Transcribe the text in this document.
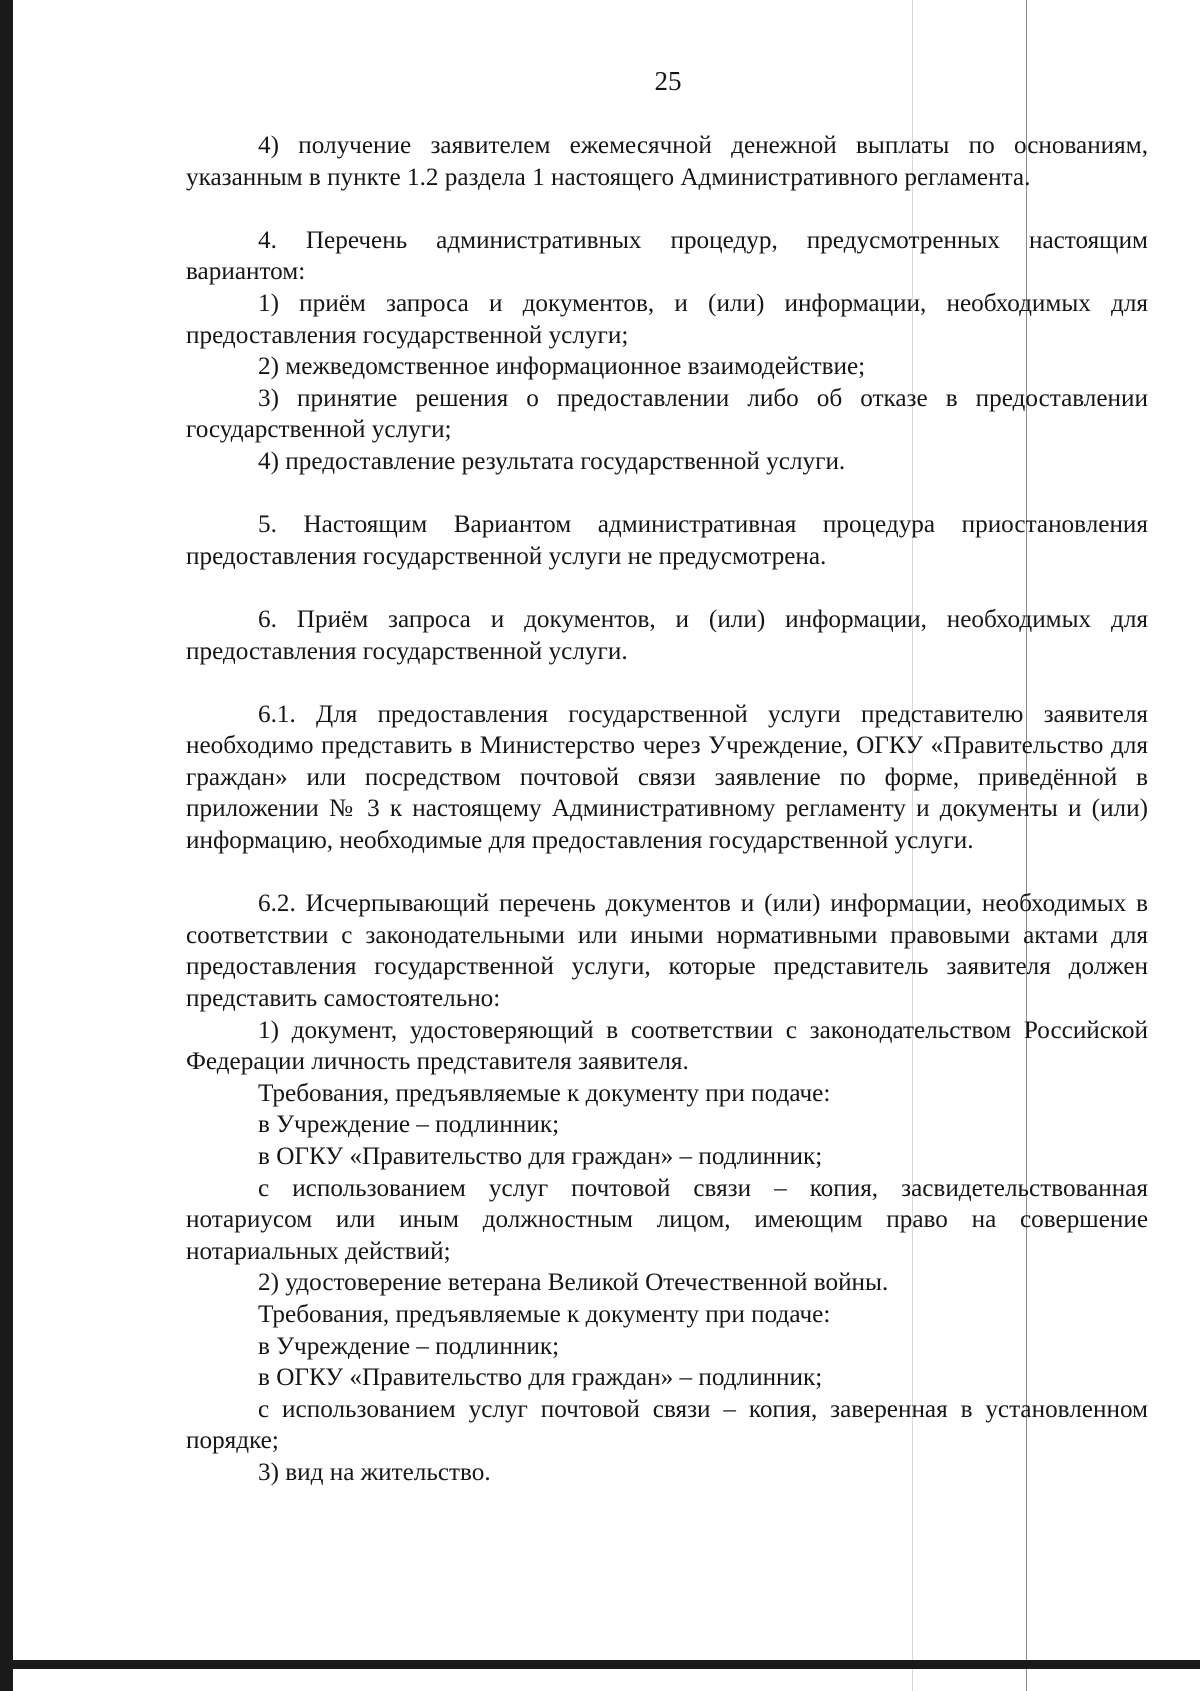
25

4) получение заявителем ежемесячной денежной выплаты по основаниям, указанным в пункте 1.2 раздела 1 настоящего Административного регламента.

4. Перечень административных процедур, предусмотренных настоящим вариантом:

1) приём запроса и документов, и (или) информации, необходимых для предоставления государственной услуги;

2) межведомственное информационное взаимодействие;

3) принятие решения о предоставлении либо об отказе в предоставлении государственной услуги;

4) предоставление результата государственной услуги.

5. Настоящим Вариантом административная процедура приостановления предоставления государственной услуги не предусмотрена.

6. Приём запроса и документов, и (или) информации, необходимых для предоставления государственной услуги.

6.1. Для предоставления государственной услуги представителю заявителя необходимо представить в Министерство через Учреждение, ОГКУ «Правительство для граждан» или посредством почтовой связи заявление по форме, приведённой в приложении № 3 к настоящему Административному регламенту и документы и (или) информацию, необходимые для предоставления государственной услуги.

6.2. Исчерпывающий перечень документов и (или) информации, необходимых в соответствии с законодательными или иными нормативными правовыми актами для предоставления государственной услуги, которые представитель заявителя должен представить самостоятельно:

1) документ, удостоверяющий в соответствии с законодательством Российской Федерации личность представителя заявителя.

Требования, предъявляемые к документу при подаче:

в Учреждение – подлинник;

в ОГКУ «Правительство для граждан» – подлинник;

с использованием услуг почтовой связи – копия, засвидетельствованная нотариусом или иным должностным лицом, имеющим право на совершение нотариальных действий;

2) удостоверение ветерана Великой Отечественной войны.

Требования, предъявляемые к документу при подаче:

в Учреждение – подлинник;

в ОГКУ «Правительство для граждан» – подлинник;

с использованием услуг почтовой связи – копия, заверенная в установленном порядке;

3) вид на жительство.
